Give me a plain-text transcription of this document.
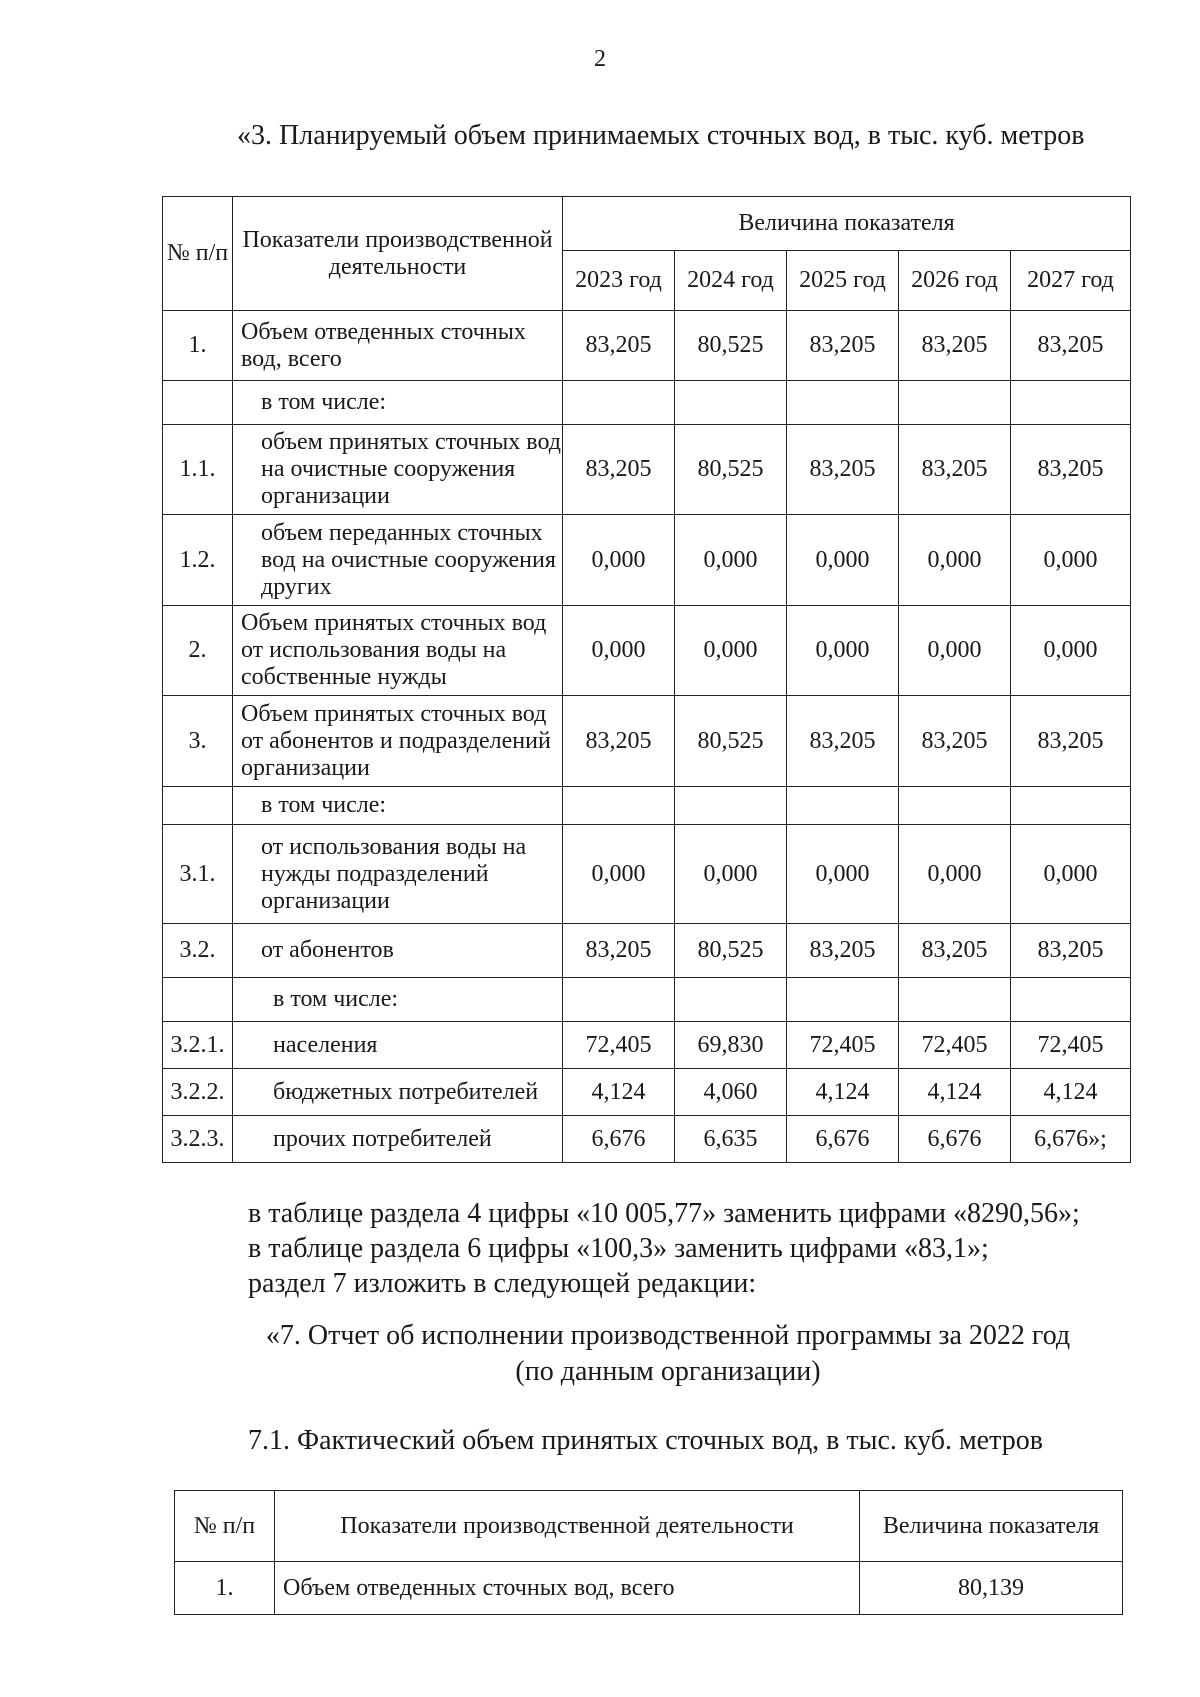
2
«3. Планируемый объем принимаемых сточных вод, в тыс. куб. метров
№ п/п	Показатели производственной деятельности	Величина показателя				
		2023 год	2024 год	2025 год	2026 год	2027 год
1.	Объем отведенных сточных вод, всего	83,205	80,525	83,205	83,205	83,205
	в том числе:					
1.1.	объем принятых сточных вод на очистные сооружения организации	83,205	80,525	83,205	83,205	83,205
1.2.	объем переданных сточных вод на очистные сооружения других	0,000	0,000	0,000	0,000	0,000
2.	Объем принятых сточных вод от использования воды на собственные нужды	0,000	0,000	0,000	0,000	0,000
3.	Объем принятых сточных вод от абонентов и подразделений организации	83,205	80,525	83,205	83,205	83,205
	в том числе:					
3.1.	от использования воды на нужды подразделений организации	0,000	0,000	0,000	0,000	0,000
3.2.	от абонентов	83,205	80,525	83,205	83,205	83,205
	в том числе:					
3.2.1.	населения	72,405	69,830	72,405	72,405	72,405
3.2.2.	бюджетных потребителей	4,124	4,060	4,124	4,124	4,124
3.2.3.	прочих потребителей	6,676	6,635	6,676	6,676	6,676»;
в таблице раздела 4 цифры «10 005,77» заменить цифрами «8290,56»;
в таблице раздела 6 цифры «100,3» заменить цифрами «83,1»;
раздел 7 изложить в следующей редакции:
«7. Отчет об исполнении производственной программы за 2022 год
(по данным организации)
7.1. Фактический объем принятых сточных вод, в тыс. куб. метров
№ п/п	Показатели производственной деятельности	Величина показателя
1.	Объем отведенных сточных вод, всего	80,139
